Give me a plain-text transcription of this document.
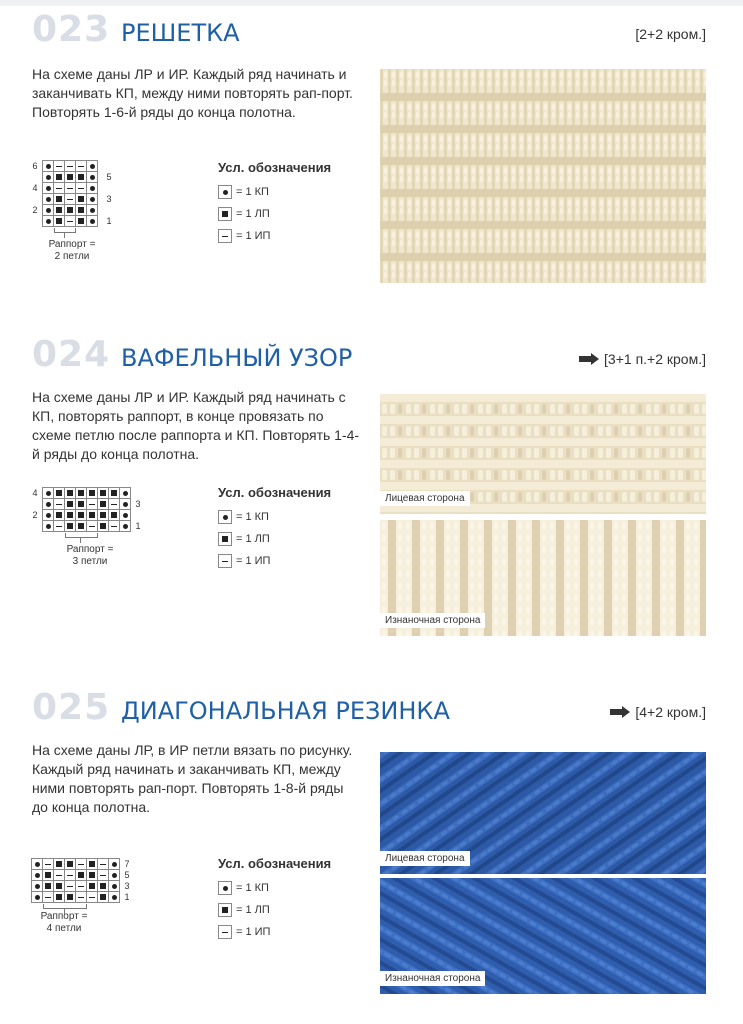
023 РЕШЕТКА	[2+2 кром.]
На схеме даны ЛР и ИР. Каждый ряд начинать и заканчивать КП, между ними повторять рап-порт. Повторять 1-6-й ряды до конца полотна.
6
4
2
5
3
1
Раппорт =
2 петли
Усл. обозначения
= 1 КП
= 1 ЛП
= 1 ИП
024 ВАФЕЛЬНЫЙ УЗОР	[3+1 п.+2 кром.]
На схеме даны ЛР и ИР. Каждый ряд начинать с КП, повторять раппорт, в конце провязать по схеме петлю после раппорта и КП. Повторять 1-4-й ряды до конца полотна.
4
2
3
1
Раппорт =
3 петли
Усл. обозначения
= 1 КП
= 1 ЛП
= 1 ИП
Лицевая сторона
Изнаночная сторона
025 ДИАГОНАЛЬНАЯ РЕЗИНКА	[4+2 кром.]
На схеме даны ЛР, в ИР петли вязать по рисунку. Каждый ряд начинать и заканчивать КП, между ними повторять рап-порт. Повторять 1-8-й ряды до конца полотна.
7
5
3
1
Раппорт =
4 петли
Усл. обозначения
= 1 КП
= 1 ЛП
= 1 ИП
Лицевая сторона
Изнаночная сторона
